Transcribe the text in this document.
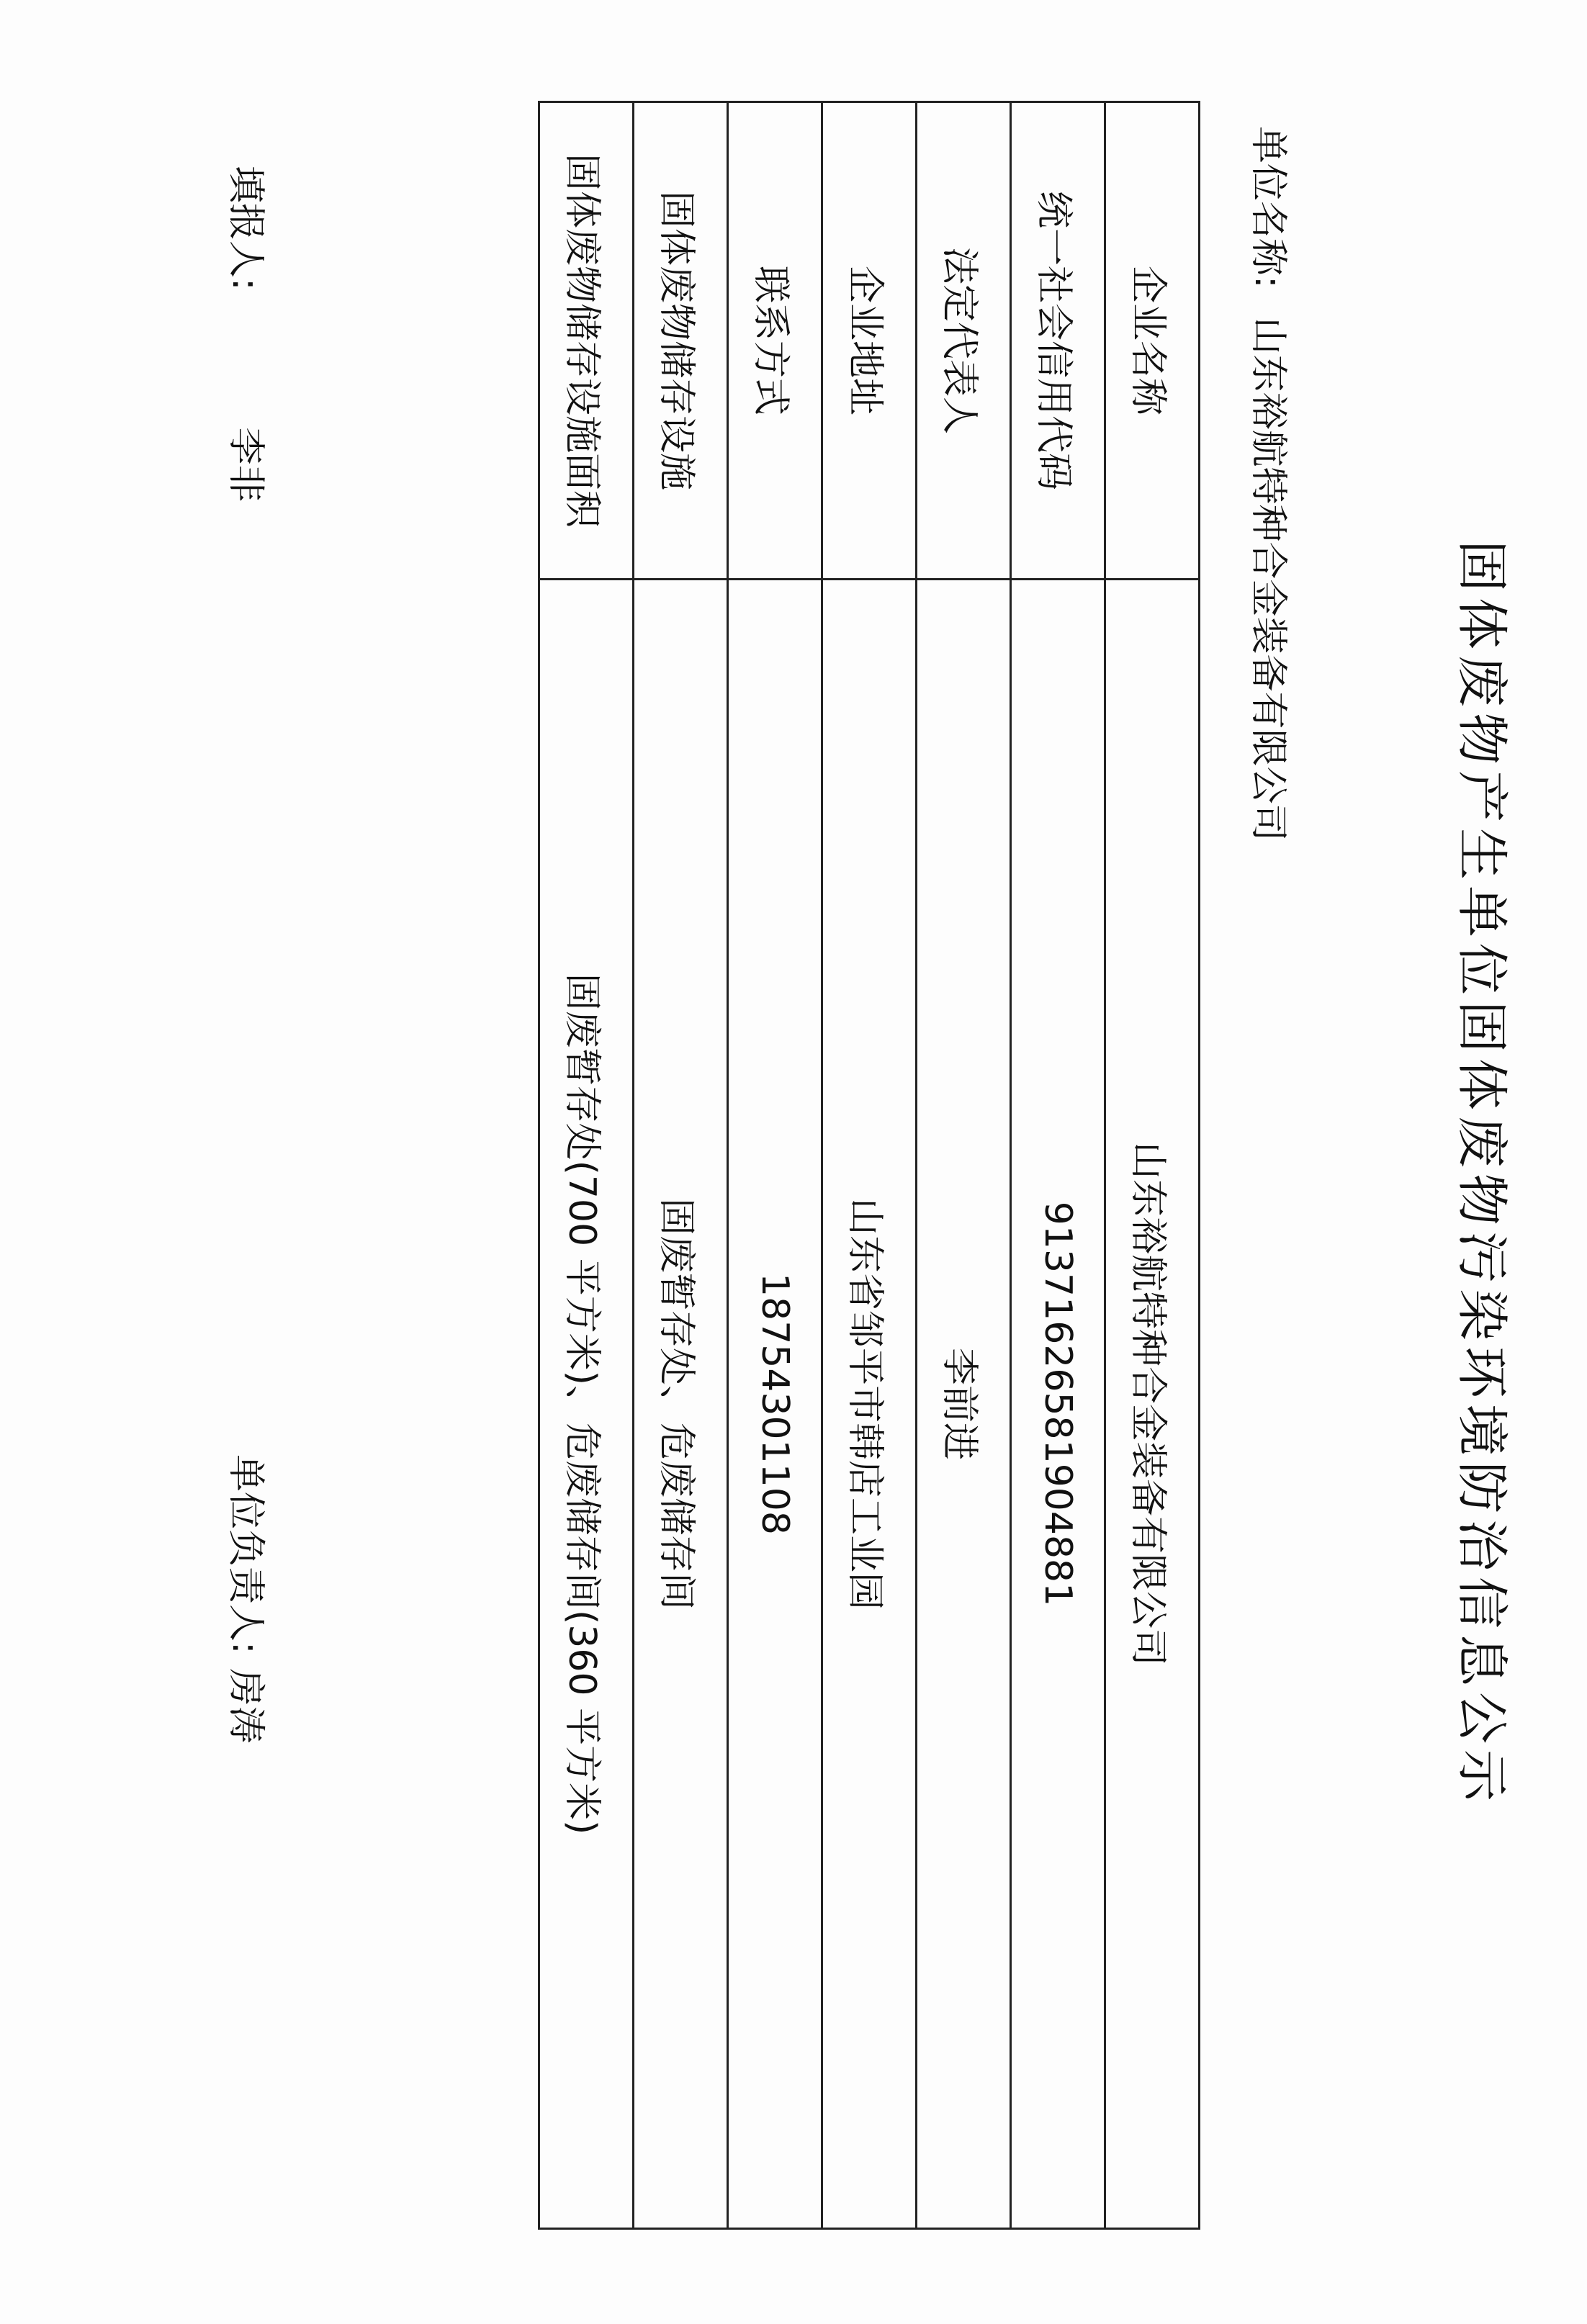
固体废物产生单位固体废物污染环境防治信息公示
单位名称:山东裕航特种合金装备有限公司
企业名称	山东裕航特种合金装备有限公司
统一社会信用代码	91371626581904881
法定代表人	李前进
企业地址	山东省邹平市韩店工业园
联系方式	18754301108
固体废物储存设施	固废暂存处、危废储存间
固体废物储存设施面积	固废暂存处(700 平方米)、危废储存间(360 平方米)
填报人:李非
单位负责人:房涛
